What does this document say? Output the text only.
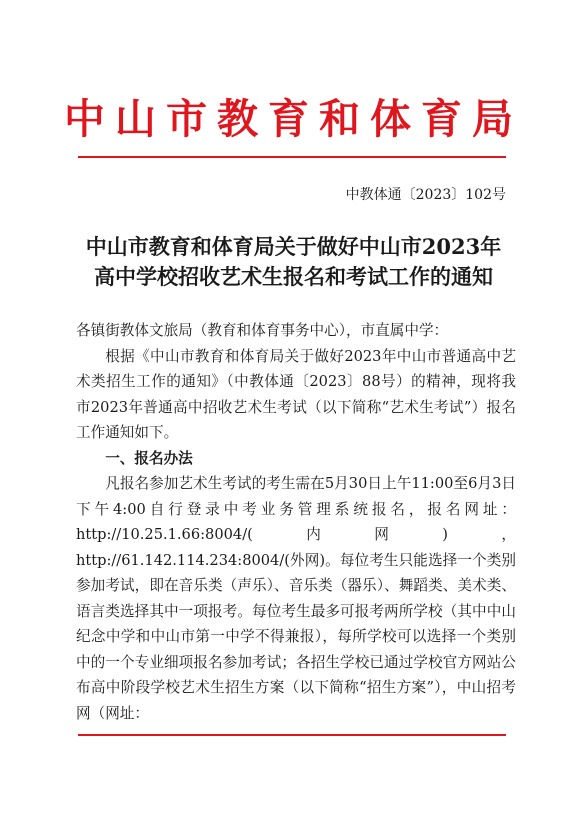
中山市教育和体育局
中教体通〔2023〕102号
中山市教育和体育局关于做好中山市2023年
高中学校招收艺术生报名和考试工作的通知

各镇街教体文旅局（教育和体育事务中心），市直属中学：

根据《中山市教育和体育局关于做好2023年中山市普通高中艺术类招生工作的通知》（中教体通〔2023〕88号）的精神，现将我市2023年普通高中招收艺术生考试（以下简称“艺术生考试”）报名工作通知如下。

一、报名办法

凡报名参加艺术生考试的考生需在5月30日上午11:00至6月3日下午4:00自行登录中考业务管理系统报名，报名网址：http://10.25.1.66:8004/(内网)，http://61.142.114.234:8004/(外网)。每位考生只能选择一个类别参加考试，即在音乐类（声乐）、音乐类（器乐）、舞蹈类、美术类、语言类选择其中一项报考。每位考生最多可报考两所学校（其中中山纪念中学和中山市第一中学不得兼报），每所学校可以选择一个类别中的一个专业细项报名参加考试；各招生学校已通过学校官方网站公布高中阶段学校艺术生招生方案（以下简称“招生方案”），中山招考网（网址：
